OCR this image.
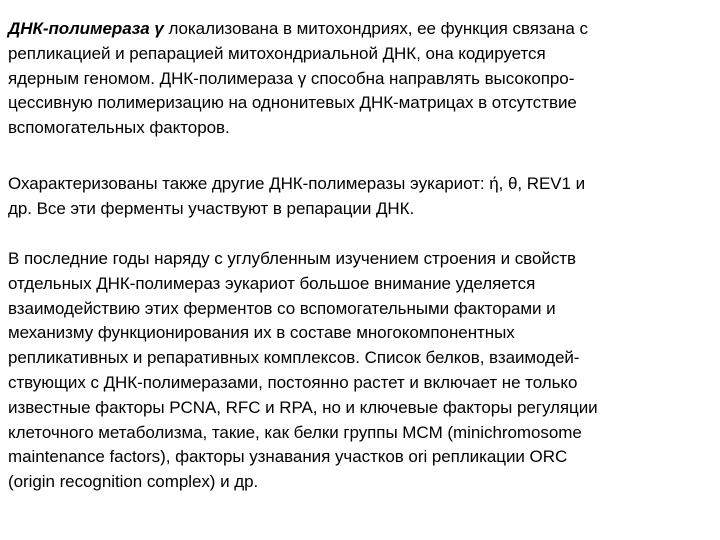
ДНК-полимераза γ локализована в митохондриях, ее функция связана с
репликацией и репарацией митохондриальной ДНК, она кодируется
ядерным геномом. ДНК-полимераза γ способна направлять высокопро-
цессивную полимеризацию на однонитевых ДНК-матрицах в отсутствие
вспомогательных факторов.

Охарактеризованы также другие ДНК-полимеразы эукариот: ή, θ, REV1 и
др. Все эти ферменты участвуют в репарации ДНК.

В последние годы наряду с углубленным изучением строения и свойств
отдельных ДНК-полимераз эукариот большое внимание уделяется
взаимодействию этих ферментов со вспомогательными факторами и
механизму функционирования их в составе многокомпонентных
репликативных и репаративных комплексов. Список белков, взаимодей-
ствующих с ДНК-полимеразами, постоянно растет и включает не только
известные факторы PCNA, RFC и RPA, но и ключевые факторы регуляции
клеточного метаболизма, такие, как белки группы MCM (minichromosome
maintenance factors), факторы узнавания участков ori репликации ORC
(origin recognition complex) и др.
